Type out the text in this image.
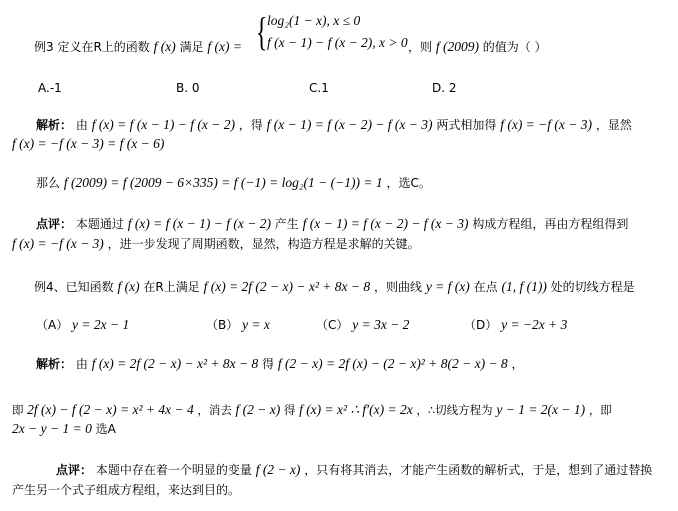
例3 定义在R上的函数 f (x) 满足 f (x) = { log₂(1 − x), x ≤ 0
f (x − 1) − f (x − 2), x > 0 ，则 f (2009) 的值为（ ）
A.-1	B. 0	C.1	D. 2
解析： 由 f (x) = f (x − 1) − f (x − 2) ，得 f (x − 1) = f (x − 2) − f (x − 3) 两式相加得 f (x) = −f (x − 3) ，显然
f (x) = −f (x − 3) = f (x − 6)
那么 f (2009) = f (2009 − 6×335) = f (−1) = log₂(1 − (−1)) = 1 ，选C。
点评： 本题通过 f (x) = f (x − 1) − f (x − 2) 产生 f (x − 1) = f (x − 2) − f (x − 3) 构成方程组，再由方程组得到
f (x) = −f (x − 3) ，进一步发现了周期函数，显然，构造方程是求解的关键。
例4、已知函数 f (x) 在R上满足 f (x) = 2f (2 − x) − x² + 8x − 8 ，则曲线 y = f (x) 在点 (1, f (1)) 处的切线方程是
（A） y = 2x − 1	（B） y = x	（C） y = 3x − 2	（D） y = −2x + 3
解析： 由 f (x) = 2f (2 − x) − x² + 8x − 8 得 f (2 − x) = 2f (x) − (2 − x)² + 8(2 − x) − 8 ，
即 2f (x) − f (2 − x) = x² + 4x − 4 ，消去 f (2 − x) 得 f (x) = x² ∴ f′(x) = 2x ，∴切线方程为 y − 1 = 2(x − 1) ，即
2x − y − 1 = 0 选A
点评： 本题中存在着一个明显的变量 f (2 − x) ，只有将其消去，才能产生函数的解析式，于是，想到了通过替换
产生另一个式子组成方程组，来达到目的。
